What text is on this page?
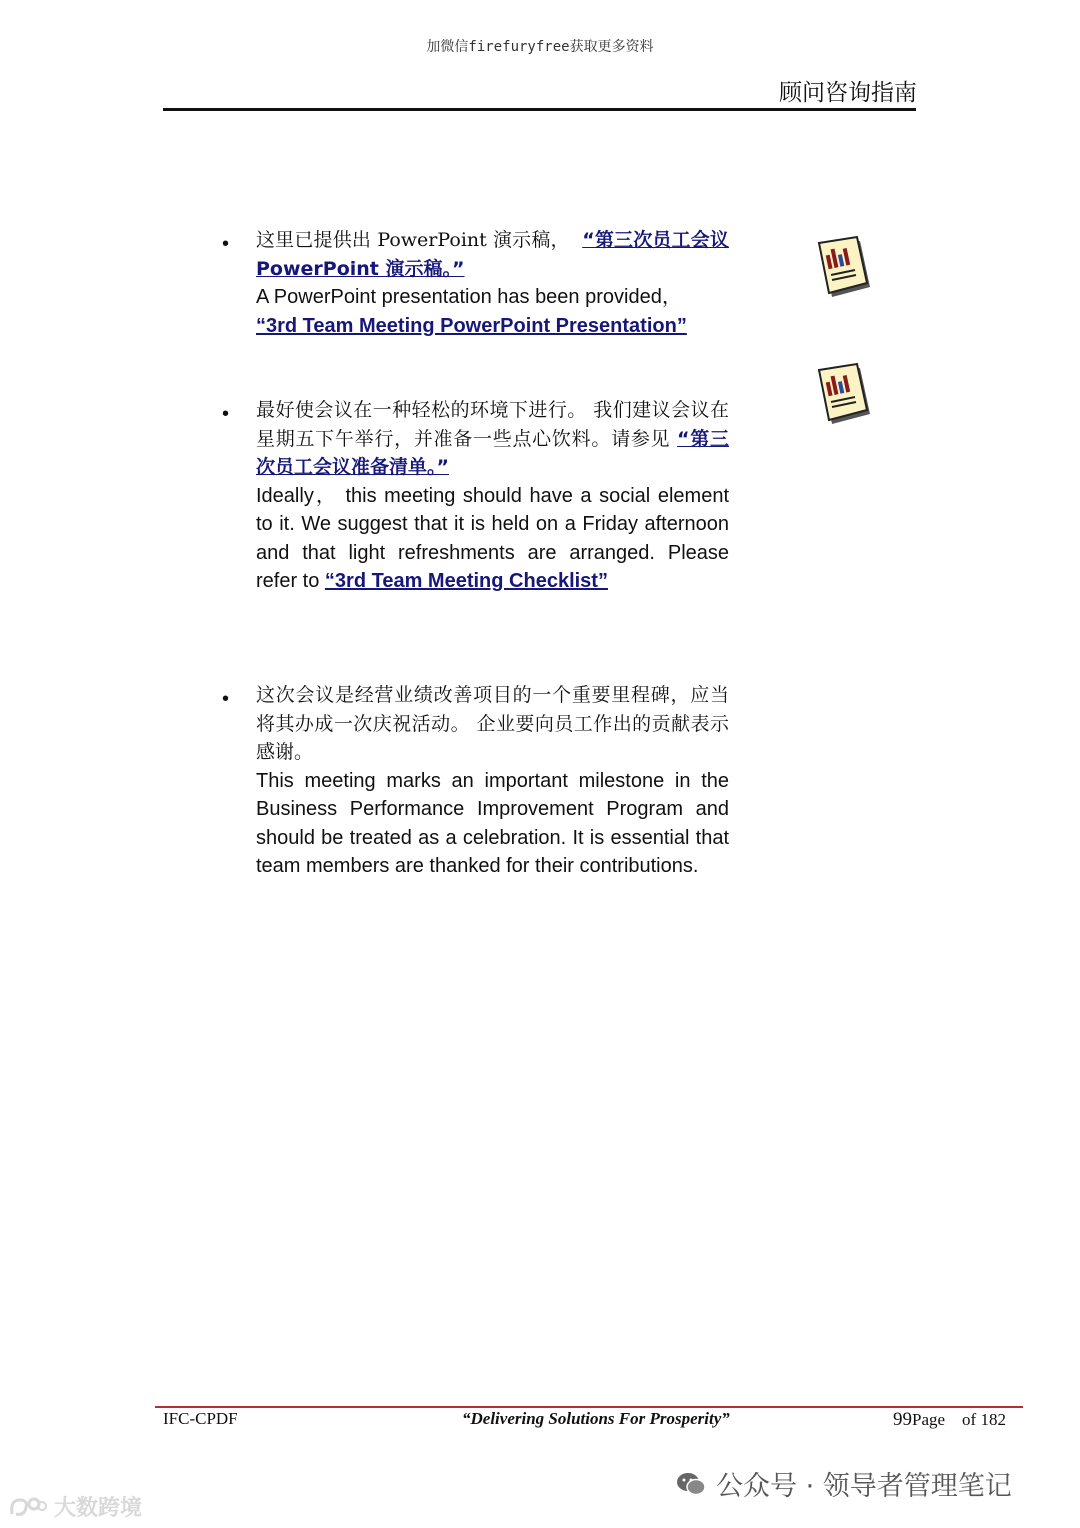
加微信firefuryfree获取更多资料
顾问咨询指南
• 这里已提供出 PowerPoint 演示稿， “第三次员工会议 PowerPoint 演示稿。”

A PowerPoint presentation has been provided，
“3rd Team Meeting PowerPoint Presentation”

• 最好使会议在一种轻松的环境下进行。 我们建议会议在星期五下午举行，并准备一些点心饮料。请参见 “第三次员工会议准备清单。”

Ideally， this meeting should have a social element to it. We suggest that it is held on a Friday afternoon and that light refreshments are arranged. Please refer to “3rd Team Meeting Checklist”

• 这次会议是经营业绩改善项目的一个重要里程碑，应当将其办成一次庆祝活动。 企业要向员工作出的贡献表示感谢。

This meeting marks an important milestone in the Business Performance Improvement Program and should be treated as a celebration. It is essential that team members are thanked for their contributions.

IFC-CPDF	“Delivering Solutions For Prosperity”	99Page of 182
公众号 · 领导者管理笔记
大数跨境
